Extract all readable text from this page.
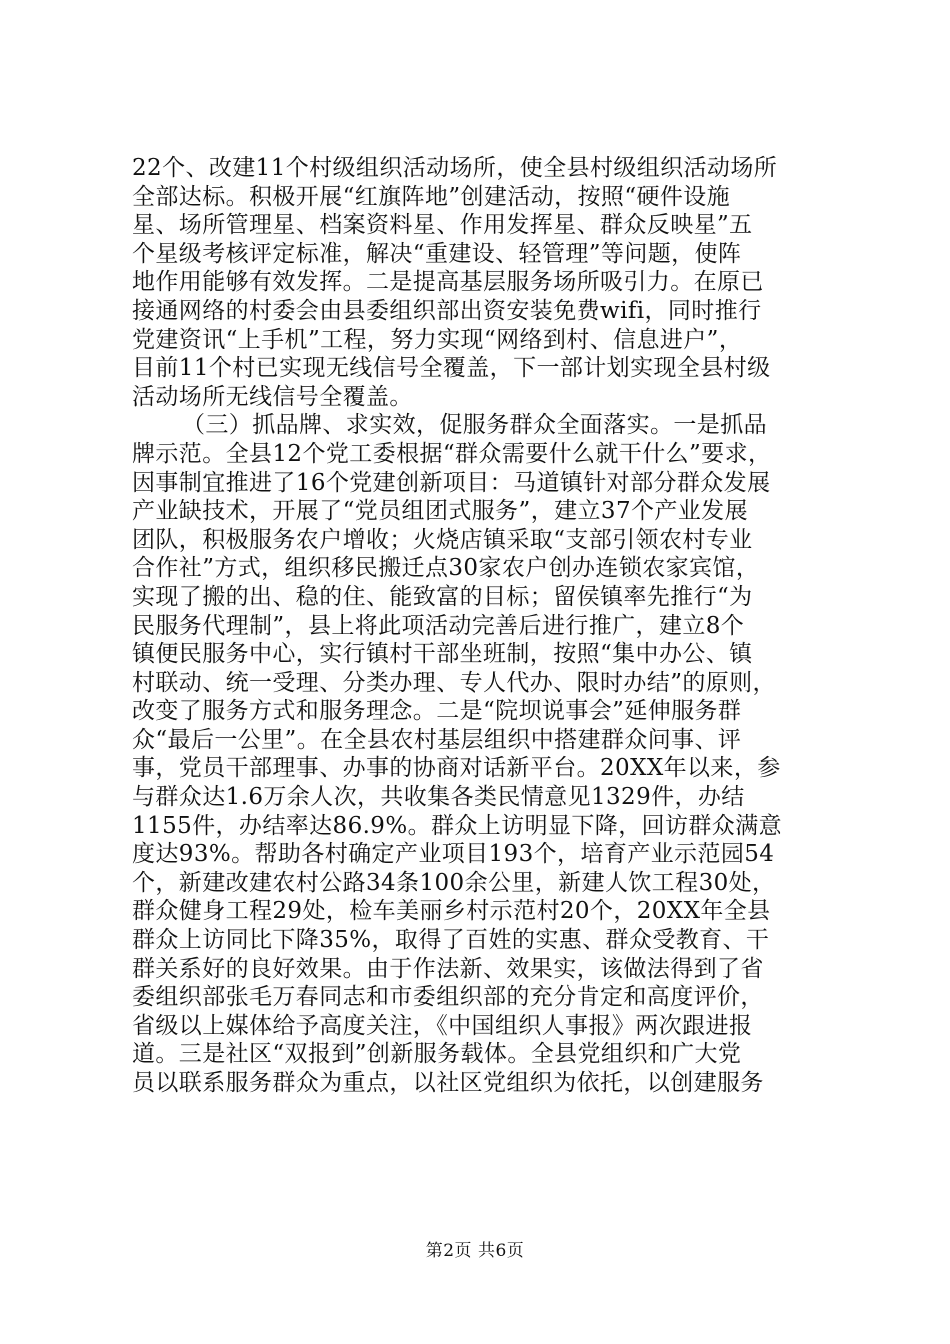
22个、改建11个村级组织活动场所，使全县村级组织活动场所
全部达标。积极开展“红旗阵地”创建活动，按照“硬件设施
星、场所管理星、档案资料星、作用发挥星、群众反映星”五
个星级考核评定标准，解决“重建设、轻管理”等问题，使阵
地作用能够有效发挥。二是提高基层服务场所吸引力。在原已
接通网络的村委会由县委组织部出资安装免费wifi，同时推行
党建资讯“上手机”工程，努力实现“网络到村、信息进户”，
目前11个村已实现无线信号全覆盖，下一部计划实现全县村级
活动场所无线信号全覆盖。
（三）抓品牌、求实效，促服务群众全面落实。一是抓品
牌示范。全县12个党工委根据“群众需要什么就干什么”要求，
因事制宜推进了16个党建创新项目：马道镇针对部分群众发展
产业缺技术，开展了“党员组团式服务”，建立37个产业发展
团队，积极服务农户增收；火烧店镇采取“支部引领农村专业
合作社”方式，组织移民搬迁点30家农户创办连锁农家宾馆，
实现了搬的出、稳的住、能致富的目标；留侯镇率先推行“为
民服务代理制”，县上将此项活动完善后进行推广，建立8个
镇便民服务中心，实行镇村干部坐班制，按照“集中办公、镇
村联动、统一受理、分类办理、专人代办、限时办结”的原则，
改变了服务方式和服务理念。二是“院坝说事会”延伸服务群
众“最后一公里”。在全县农村基层组织中搭建群众问事、评
事，党员干部理事、办事的协商对话新平台。20XX年以来，参
与群众达1.6万余人次，共收集各类民情意见1329件，办结
1155件，办结率达86.9%。群众上访明显下降，回访群众满意
度达93%。帮助各村确定产业项目193个，培育产业示范园54
个，新建改建农村公路34条100余公里，新建人饮工程30处，
群众健身工程29处，检车美丽乡村示范村20个，20XX年全县
群众上访同比下降35%，取得了百姓的实惠、群众受教育、干
群关系好的良好效果。由于作法新、效果实，该做法得到了省
委组织部张毛万春同志和市委组织部的充分肯定和高度评价，
省级以上媒体给予高度关注，《中国组织人事报》两次跟进报
道。三是社区“双报到”创新服务载体。全县党组织和广大党
员以联系服务群众为重点，以社区党组织为依托，以创建服务
第2页 共6页
